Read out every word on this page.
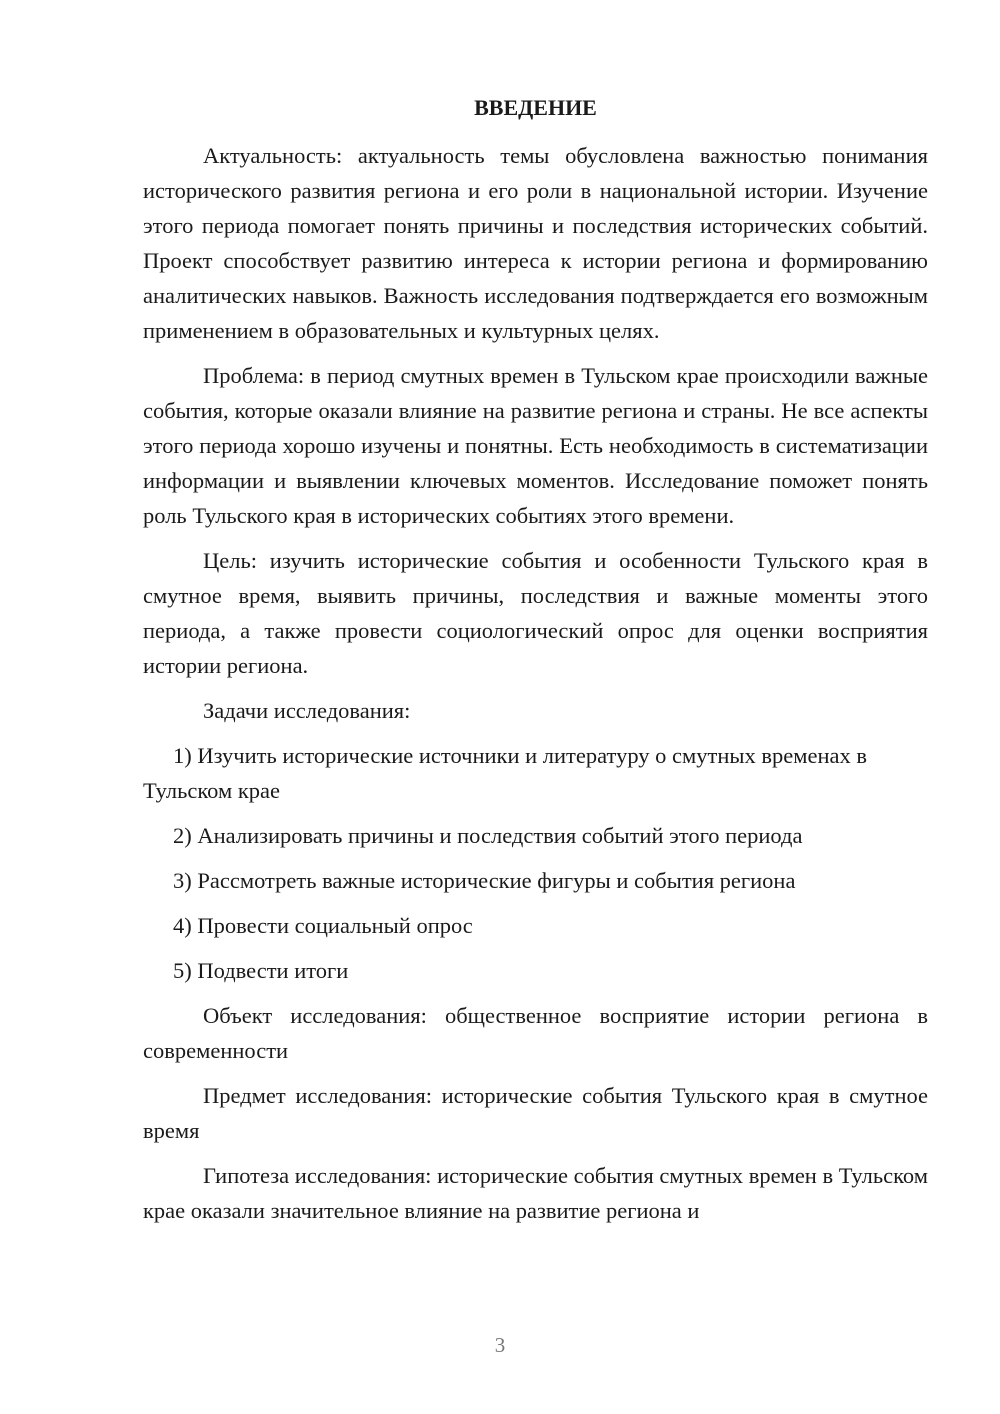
ВВЕДЕНИЕ

Актуальность: актуальность темы обусловлена важностью понимания исторического развития региона и его роли в национальной истории. Изучение этого периода помогает понять причины и последствия исторических событий. Проект способствует развитию интереса к истории региона и формированию аналитических навыков. Важность исследования подтверждается его возможным применением в образовательных и культурных целях.

Проблема: в период смутных времен в Тульском крае происходили важные события, которые оказали влияние на развитие региона и страны. Не все аспекты этого периода хорошо изучены и понятны. Есть необходимость в систематизации информации и выявлении ключевых моментов. Исследование поможет понять роль Тульского края в исторических событиях этого времени.

Цель: изучить исторические события и особенности Тульского края в смутное время, выявить причины, последствия и важные моменты этого периода, а также провести социологический опрос для оценки восприятия истории региона.

Задачи исследования:

1) Изучить исторические источники и литературу о смутных временах в Тульском крае

2) Анализировать причины и последствия событий этого периода

3) Рассмотреть важные исторические фигуры и события региона

4) Провести социальный опрос

5) Подвести итоги

Объект исследования: общественное восприятие истории региона в современности

Предмет исследования: исторические события Тульского края в смутное время

Гипотеза исследования: исторические события смутных времен в Тульском крае оказали значительное влияние на развитие региона и

3
